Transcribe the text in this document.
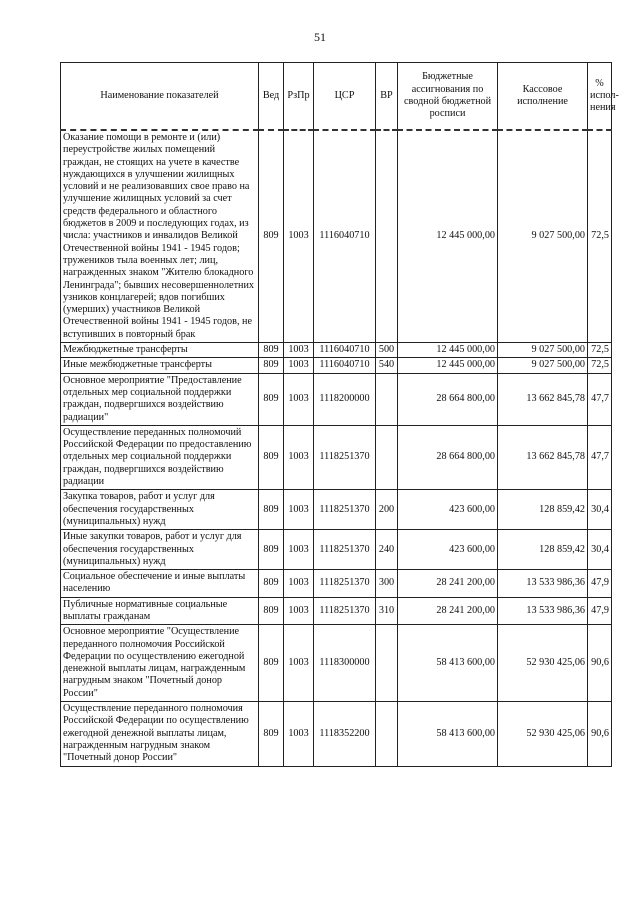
51
Наименование показателей	Вед	РзПр	ЦСР	ВР	Бюджетные ассигнования по сводной бюджетной росписи	Кассовое исполнение	% испол-нения
Оказание помощи в ремонте и (или) переустройстве жилых помещений граждан, не стоящих на учете в качестве нуждающихся в улучшении жилищных условий и не реализовавших свое право на улучшение жилищных условий за счет средств федерального и областного бюджетов в 2009 и последующих годах, из числа: участников и инвалидов Великой Отечественной войны 1941 - 1945 годов; тружеников тыла военных лет; лиц, награжденных знаком "Жителю блокадного Ленинграда"; бывших несовершеннолетних узников концлагерей; вдов погибших (умерших) участников Великой Отечественной войны 1941 - 1945 годов, не вступивших в повторный брак	809	1003	1116040710		12 445 000,00	9 027 500,00	72,5
Межбюджетные трансферты	809	1003	1116040710	500	12 445 000,00	9 027 500,00	72,5
Иные межбюджетные трансферты	809	1003	1116040710	540	12 445 000,00	9 027 500,00	72,5
Основное мероприятие "Предоставление отдельных мер социальной поддержки граждан, подвергшихся воздействию радиации"	809	1003	1118200000		28 664 800,00	13 662 845,78	47,7
Осуществление переданных полномочий Российской Федерации по предоставлению отдельных мер социальной поддержки граждан, подвергшихся воздействию радиации	809	1003	1118251370		28 664 800,00	13 662 845,78	47,7
Закупка товаров, работ и услуг для обеспечения государственных (муниципальных) нужд	809	1003	1118251370	200	423 600,00	128 859,42	30,4
Иные закупки товаров, работ и услуг для обеспечения государственных (муниципальных) нужд	809	1003	1118251370	240	423 600,00	128 859,42	30,4
Социальное обеспечение и иные выплаты населению	809	1003	1118251370	300	28 241 200,00	13 533 986,36	47,9
Публичные нормативные социальные выплаты гражданам	809	1003	1118251370	310	28 241 200,00	13 533 986,36	47,9
Основное мероприятие "Осуществление переданного полномочия Российской Федерации по осуществлению ежегодной денежной выплаты лицам, награжденным нагрудным знаком "Почетный донор России"	809	1003	1118300000		58 413 600,00	52 930 425,06	90,6
Осуществление переданного полномочия Российской Федерации по осуществлению ежегодной денежной выплаты лицам, награжденным нагрудным знаком "Почетный донор России"	809	1003	1118352200		58 413 600,00	52 930 425,06	90,6
